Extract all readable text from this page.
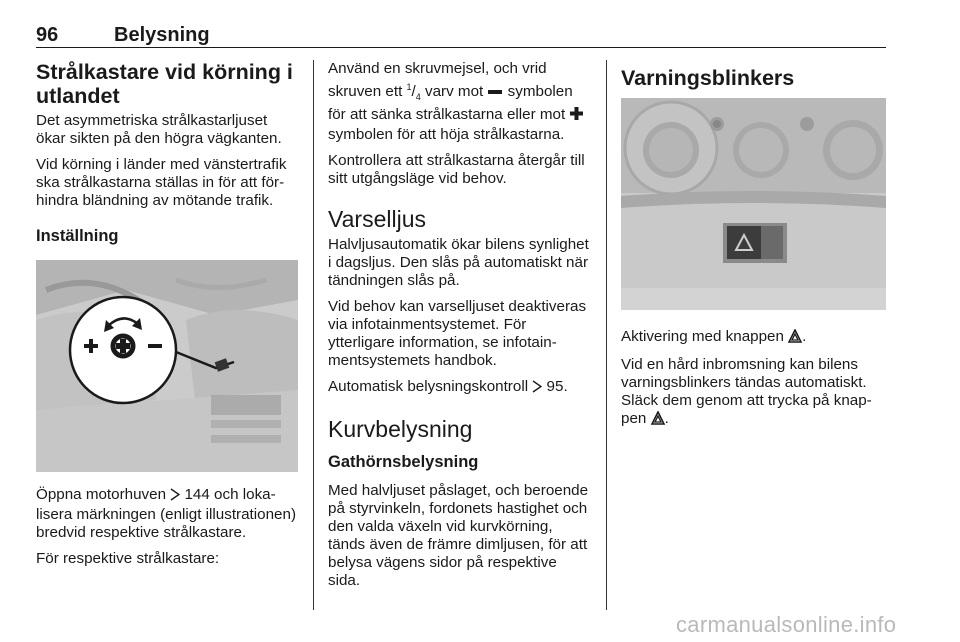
96	Belysning
Strålkastare vid körning i utlandet

Det asymmetriska strålkastarljuset ökar sikten på den högra vägkanten.

Vid körning i länder med vänstertrafik ska strålkastarna ställas in för att förhindra bländning av mötande trafik.

Inställning

Öppna motorhuven  144 och lokalisera märkningen (enligt illustrationen) bredvid respektive strålkastare.

För respektive strålkastare:

Använd en skruvmejsel, och vrid skruven ett $^1/_4$ varv mot  symbolen för att sänka strålkastarna eller mot  symbolen för att höja strålkastarna.

Kontrollera att strålkastarna återgår till sitt utgångsläge vid behov.

Varselljus

Halvljusautomatik ökar bilens synlighet i dagsljus. Den slås på automatiskt när tändningen slås på.

Vid behov kan varselljuset deaktiveras via infotainmentsystemet. För ytterligare information, se infotainmentsystemets handbok.

Automatisk belysningskontroll  95.

Kurvbelysning
Gathörnsbelysning

Med halvljuset påslaget, och beroende på styrvinkeln, fordonets hastighet och den valda växeln vid kurvkörning, tänds även de främre dimljusen, för att belysa vägens sidor på respektive sida.

Varningsblinkers

Aktivering med knappen .

Vid en hård inbromsning kan bilens varningsblinkers tändas automatiskt. Släck dem genom att trycka på knappen .

carmanualsonline.info
